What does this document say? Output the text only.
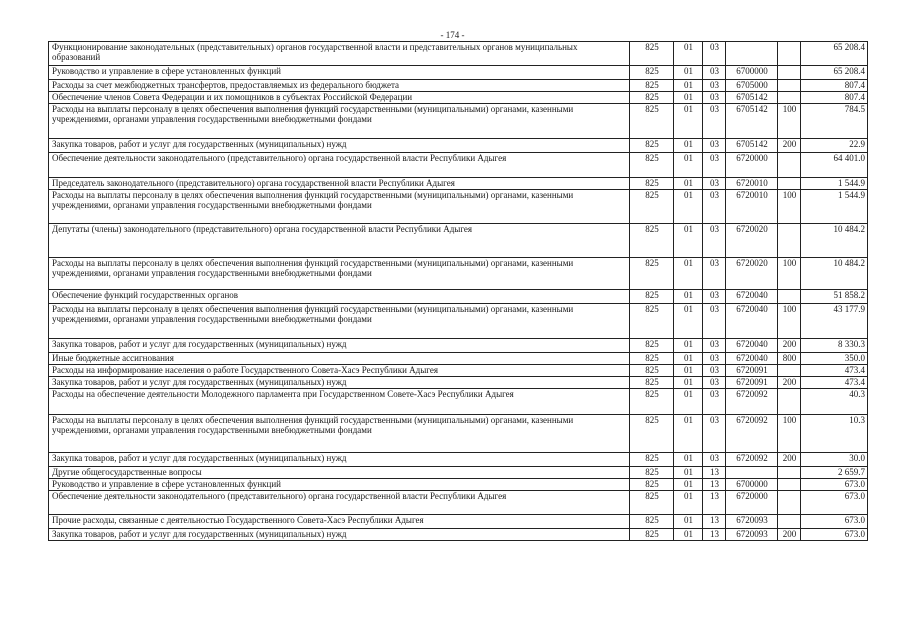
- 174 -
Функционирование законодательных (представительных) органов государственной власти и представительных органов муниципальных образований	825	01	03			65 208.4
Руководство и управление в сфере установленных функций	825	01	03	6700000		65 208.4
Расходы за счет межбюджетных трансфертов, предоставляемых из федерального бюджета	825	01	03	6705000		807.4
Обеспечение членов Совета Федерации и их помощников в субъектах Российской Федерации	825	01	03	6705142		807.4
Расходы на выплаты персоналу в целях обеспечения выполнения функций государственными (муниципальными) органами, казенными учреждениями, органами управления государственными внебюджетными фондами	825	01	03	6705142	100	784.5
Закупка товаров, работ и услуг для государственных (муниципальных) нужд	825	01	03	6705142	200	22.9
Обеспечение деятельности законодательного (представительного) органа государственной власти Республики Адыгея	825	01	03	6720000		64 401.0
Председатель законодательного (представительного) органа государственной власти Республики Адыгея	825	01	03	6720010		1 544.9
Расходы на выплаты персоналу в целях обеспечения выполнения функций государственными (муниципальными) органами, казенными учреждениями, органами управления государственными внебюджетными фондами	825	01	03	6720010	100	1 544.9
Депутаты (члены) законодательного (представительного) органа государственной власти Республики Адыгея	825	01	03	6720020		10 484.2
Расходы на выплаты персоналу в целях обеспечения выполнения функций государственными (муниципальными) органами, казенными учреждениями, органами управления государственными внебюджетными фондами	825	01	03	6720020	100	10 484.2
Обеспечение функций государственных органов	825	01	03	6720040		51 858.2
Расходы на выплаты персоналу в целях обеспечения выполнения функций государственными (муниципальными) органами, казенными учреждениями, органами управления государственными внебюджетными фондами	825	01	03	6720040	100	43 177.9
Закупка товаров, работ и услуг для государственных (муниципальных) нужд	825	01	03	6720040	200	8 330.3
Иные бюджетные ассигнования	825	01	03	6720040	800	350.0
Расходы на информирование населения о работе Государственного Совета-Хасэ Республики Адыгея	825	01	03	6720091		473.4
Закупка товаров, работ и услуг для государственных (муниципальных) нужд	825	01	03	6720091	200	473.4
Расходы на обеспечение деятельности Молодежного парламента при Государственном Совете-Хасэ Республики Адыгея	825	01	03	6720092		40.3
Расходы на выплаты персоналу в целях обеспечения выполнения функций государственными (муниципальными) органами, казенными учреждениями, органами управления государственными внебюджетными фондами	825	01	03	6720092	100	10.3
Закупка товаров, работ и услуг для государственных (муниципальных) нужд	825	01	03	6720092	200	30.0
Другие общегосударственные вопросы	825	01	13			2 659.7
Руководство и управление в сфере установленных функций	825	01	13	6700000		673.0
Обеспечение деятельности законодательного (представительного) органа государственной власти Республики Адыгея	825	01	13	6720000		673.0
Прочие расходы, связанные с деятельностью Государственного Совета-Хасэ Республики Адыгея	825	01	13	6720093		673.0
Закупка товаров, работ и услуг для государственных (муниципальных) нужд	825	01	13	6720093	200	673.0
